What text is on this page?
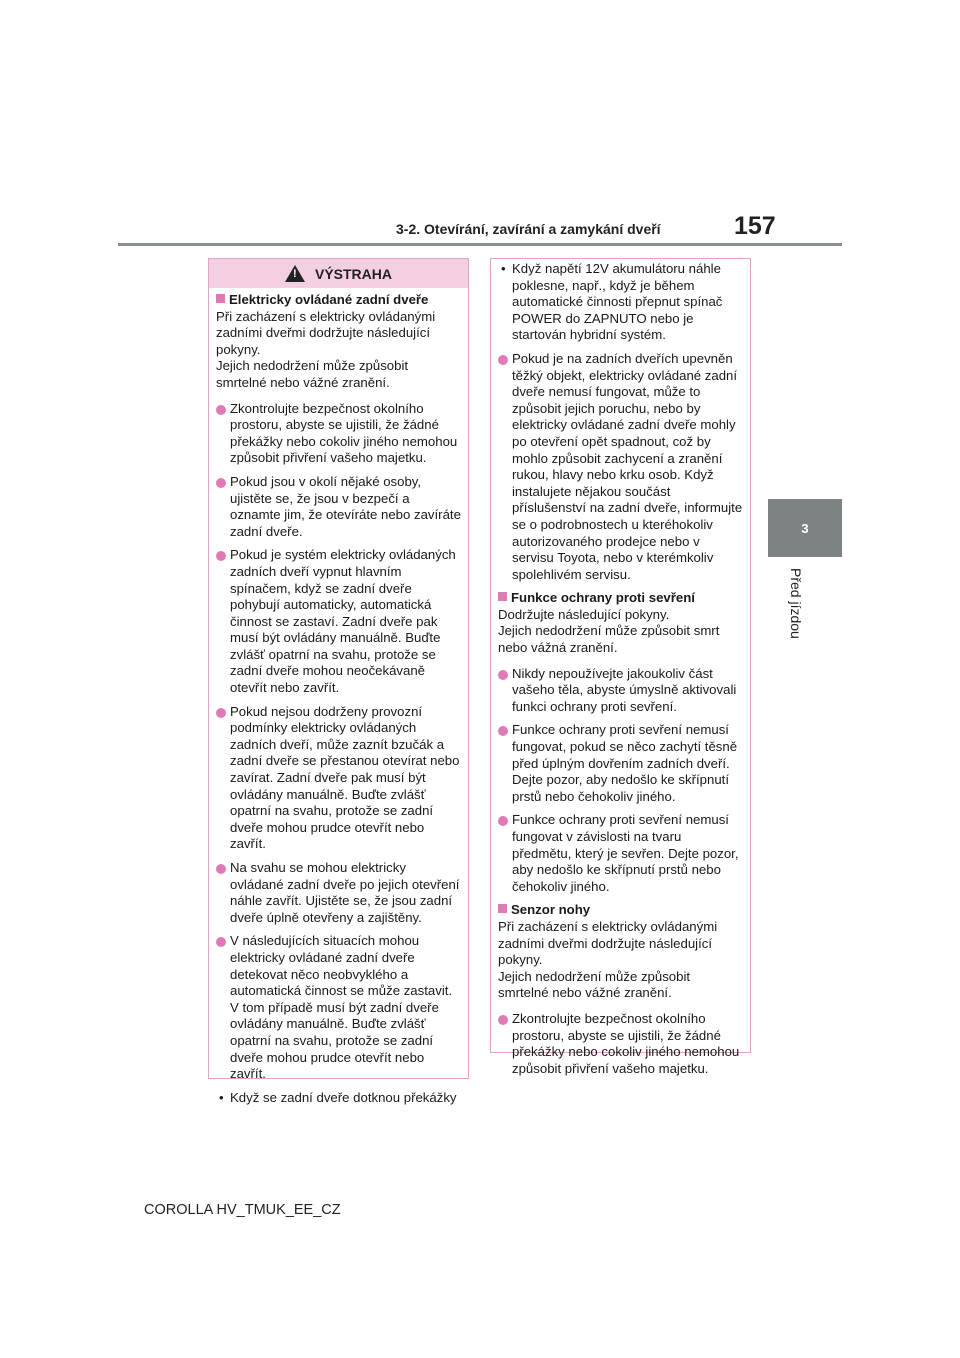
3-2. Otevírání, zavírání a zamykání dveří	157
3
Před jízdou
!
VÝSTRAHA
Elektricky ovládané zadní dveře

Při zacházení s elektricky ovládanými zadními dveřmi dodržujte následující pokyny.
Jejich nedodržení může způsobit smrtelné nebo vážné zranění.

Zkontrolujte bezpečnost okolního prostoru, abyste se ujistili, že žádné překážky nebo cokoliv jiného nemohou způsobit přivření vašeho majetku.

Pokud jsou v okolí nějaké osoby, ujistěte se, že jsou v bezpečí a oznamte jim, že otevíráte nebo zavíráte zadní dveře.

Pokud je systém elektricky ovládaných zadních dveří vypnut hlavním spínačem, když se zadní dveře pohybují automaticky, automatická činnost se zastaví. Zadní dveře pak musí být ovládány manuálně. Buďte zvlášť opatrní na svahu, protože se zadní dveře mohou neočekávaně otevřít nebo zavřít.

Pokud nejsou dodrženy provozní podmínky elektricky ovládaných zadních dveří, může zaznít bzučák a zadní dveře se přestanou otevírat nebo zavírat. Zadní dveře pak musí být ovládány manuálně. Buďte zvlášť opatrní na svahu, protože se zadní dveře mohou prudce otevřít nebo zavřít.

Na svahu se mohou elektricky ovládané zadní dveře po jejich otevření náhle zavřít. Ujistěte se, že jsou zadní dveře úplně otevřeny a zajištěny.

V následujících situacích mohou elektricky ovládané zadní dveře detekovat něco neobvyklého a automatická činnost se může zastavit. V tom případě musí být zadní dveře ovládány manuálně. Buďte zvlášť opatrní na svahu, protože se zadní dveře mohou prudce otevřít nebo zavřít.

• Když se zadní dveře dotknou překážky

• Když napětí 12V akumulátoru náhle poklesne, např., když je během automatické činnosti přepnut spínač POWER do ZAPNUTO nebo je startován hybridní systém.

Pokud je na zadních dveřích upevněn těžký objekt, elektricky ovládané zadní dveře nemusí fungovat, může to způsobit jejich poruchu, nebo by elektricky ovládané zadní dveře mohly po otevření opět spadnout, což by mohlo způsobit zachycení a zranění rukou, hlavy nebo krku osob. Když instalujete nějakou součást příslušenství na zadní dveře, informujte se o podrobnostech u kteréhokoliv autorizovaného prodejce nebo v servisu Toyota, nebo v kterémkoliv spolehlivém servisu.

Funkce ochrany proti sevření

Dodržujte následující pokyny.
Jejich nedodržení může způsobit smrt nebo vážná zranění.

Nikdy nepoužívejte jakoukoliv část vašeho těla, abyste úmyslně aktivovali funkci ochrany proti sevření.

Funkce ochrany proti sevření nemusí fungovat, pokud se něco zachytí těsně před úplným dovřením zadních dveří. Dejte pozor, aby nedošlo ke skřípnutí prstů nebo čehokoliv jiného.

Funkce ochrany proti sevření nemusí fungovat v závislosti na tvaru předmětu, který je sevřen. Dejte pozor, aby nedošlo ke skřípnutí prstů nebo čehokoliv jiného.

Senzor nohy

Při zacházení s elektricky ovládanými zadními dveřmi dodržujte následující pokyny.
Jejich nedodržení může způsobit smrtelné nebo vážné zranění.

Zkontrolujte bezpečnost okolního prostoru, abyste se ujistili, že žádné překážky nebo cokoliv jiného nemohou způsobit přivření vašeho majetku.

COROLLA HV_TMUK_EE_CZ
